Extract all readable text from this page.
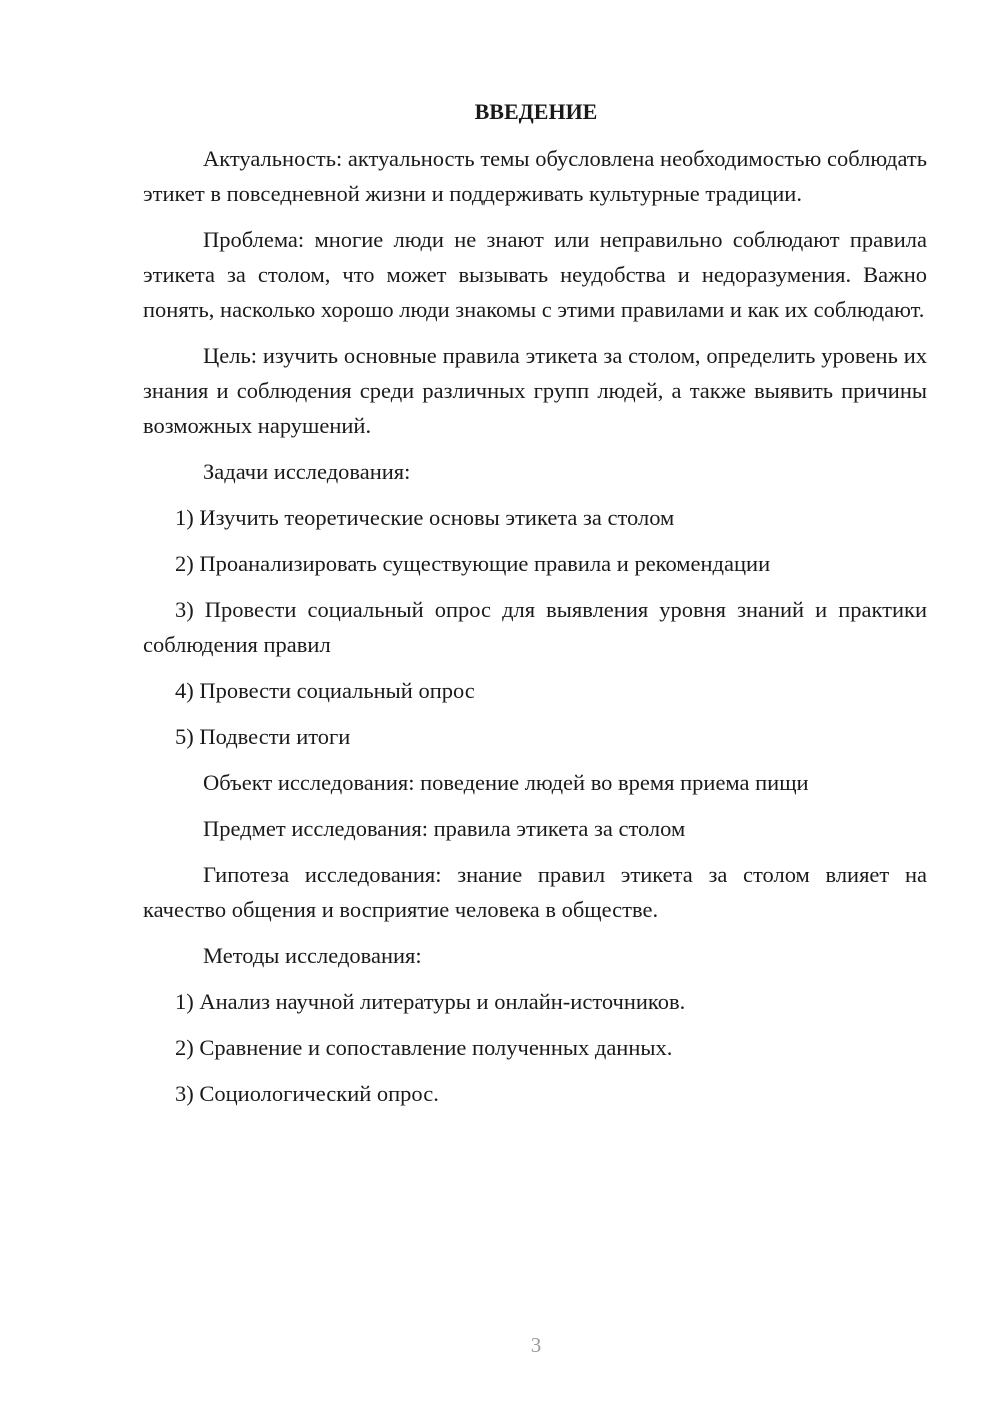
ВВЕДЕНИЕ

Актуальность: актуальность темы обусловлена необходимостью соблюдать этикет в повседневной жизни и поддерживать культурные традиции.

Проблема: многие люди не знают или неправильно соблюдают правила этикета за столом, что может вызывать неудобства и недоразумения. Важно понять, насколько хорошо люди знакомы с этими правилами и как их соблюдают.

Цель: изучить основные правила этикета за столом, определить уровень их знания и соблюдения среди различных групп людей, а также выявить причины возможных нарушений.

Задачи исследования:

1) Изучить теоретические основы этикета за столом

2) Проанализировать существующие правила и рекомендации

3) Провести социальный опрос для выявления уровня знаний и практики соблюдения правил

4) Провести социальный опрос

5) Подвести итоги

Объект исследования: поведение людей во время приема пищи

Предмет исследования: правила этикета за столом

Гипотеза исследования: знание правил этикета за столом влияет на качество общения и восприятие человека в обществе.

Методы исследования:

1) Анализ научной литературы и онлайн-источников.

2) Сравнение и сопоставление полученных данных.

3) Социологический опрос.

3
